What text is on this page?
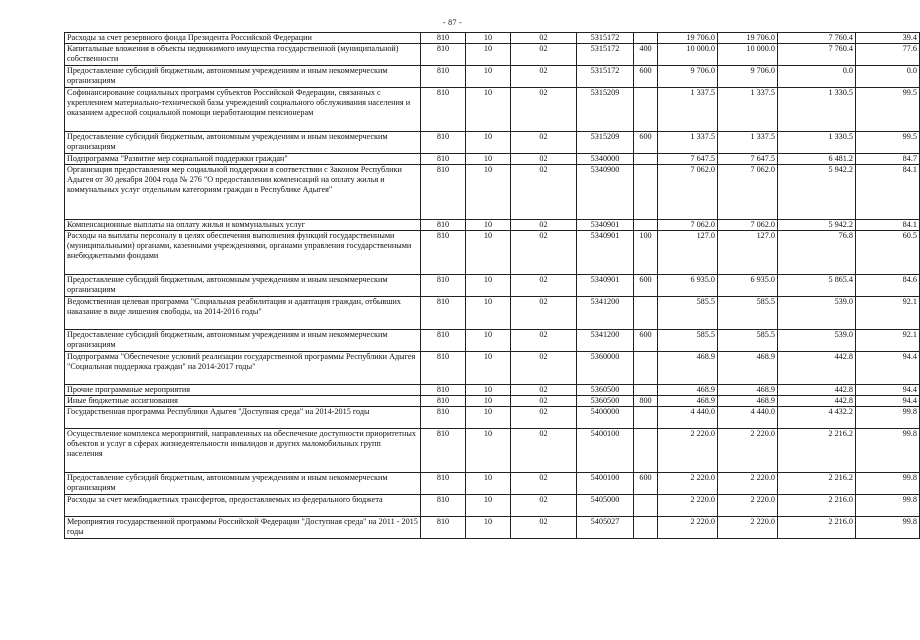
- 87 -
Расходы за счет резервного фонда Президента Российской Федерации	810	10	02	5315172		19 706.0	19 706.0	7 760.4	39.4
Капитальные вложения в объекты недвижимого имущества государственной (муниципальной) собственности	810	10	02	5315172	400	10 000.0	10 000.0	7 760.4	77.6
Предоставление субсидий бюджетным, автономным учреждениям и иным некоммерческим организациям	810	10	02	5315172	600	9 706.0	9 706.0	0.0	0.0
Софинансирование социальных программ субъектов Российской Федерации, связанных с укреплением материально-технической базы учреждений социального обслуживания населения и оказанием адресной социальной помощи неработающим пенсионерам	810	10	02	5315209		1 337.5	1 337.5	1 330.5	99.5
Предоставление субсидий бюджетным, автономным учреждениям и иным некоммерческим организациям	810	10	02	5315209	600	1 337.5	1 337.5	1 330.5	99.5
Подпрограмма "Развитие мер социальной поддержки граждан"	810	10	02	5340000		7 647.5	7 647.5	6 481.2	84.7
Организация предоставления мер социальной поддержки в соответствии с Законом Республики Адыгея от 30 декабря 2004 года № 276 "О предоставлении компенсаций на оплату жилья и коммунальных услуг отдельным категориям граждан в Республике Адыгея"	810	10	02	5340900		7 062.0	7 062.0	5 942.2	84.1
Компенсационные выплаты на оплату жилья и коммунальных услуг	810	10	02	5340901		7 062.0	7 062.0	5 942.2	84.1
Расходы на выплаты персоналу в целях обеспечения выполнения функций государственными (муниципальными) органами, казенными учреждениями, органами управления государственными внебюджетными фондами	810	10	02	5340901	100	127.0	127.0	76.8	60.5
Предоставление субсидий бюджетным, автономным учреждениям и иным некоммерческим организациям	810	10	02	5340901	600	6 935.0	6 935.0	5 865.4	84.6
Ведомственная целевая программа "Социальная реабилитация и адаптация граждан, отбывших наказание в виде лишения свободы, на 2014-2016 годы"	810	10	02	5341200		585.5	585.5	539.0	92.1
Предоставление субсидий бюджетным, автономным учреждениям и иным некоммерческим организациям	810	10	02	5341200	600	585.5	585.5	539.0	92.1
Подпрограмма "Обеспечение условий реализации государственной программы Республики Адыгея "Социальная поддержка граждан" на 2014-2017 годы"	810	10	02	5360000		468.9	468.9	442.8	94.4
Прочие программные мероприятия	810	10	02	5360500		468.9	468.9	442.8	94.4
Иные бюджетные ассигнования	810	10	02	5360500	800	468.9	468.9	442.8	94.4
Государственная программа Республики Адыгея "Доступная среда" на 2014-2015 годы	810	10	02	5400000		4 440.0	4 440.0	4 432.2	99.8
Осуществление комплекса мероприятий, направленных на обеспечение доступности приоритетных объектов и услуг в сферах жизнедеятельности инвалидов и других маломобильных групп населения	810	10	02	5400100		2 220.0	2 220.0	2 216.2	99.8
Предоставление субсидий бюджетным, автономным учреждениям и иным некоммерческим организациям	810	10	02	5400100	600	2 220.0	2 220.0	2 216.2	99.8
Расходы за счет межбюджетных трансфертов, предоставляемых из федерального бюджета	810	10	02	5405000		2 220.0	2 220.0	2 216.0	99.8
Мероприятия государственной программы Российской Федерации "Доступная среда" на 2011 - 2015 годы	810	10	02	5405027		2 220.0	2 220.0	2 216.0	99.8
